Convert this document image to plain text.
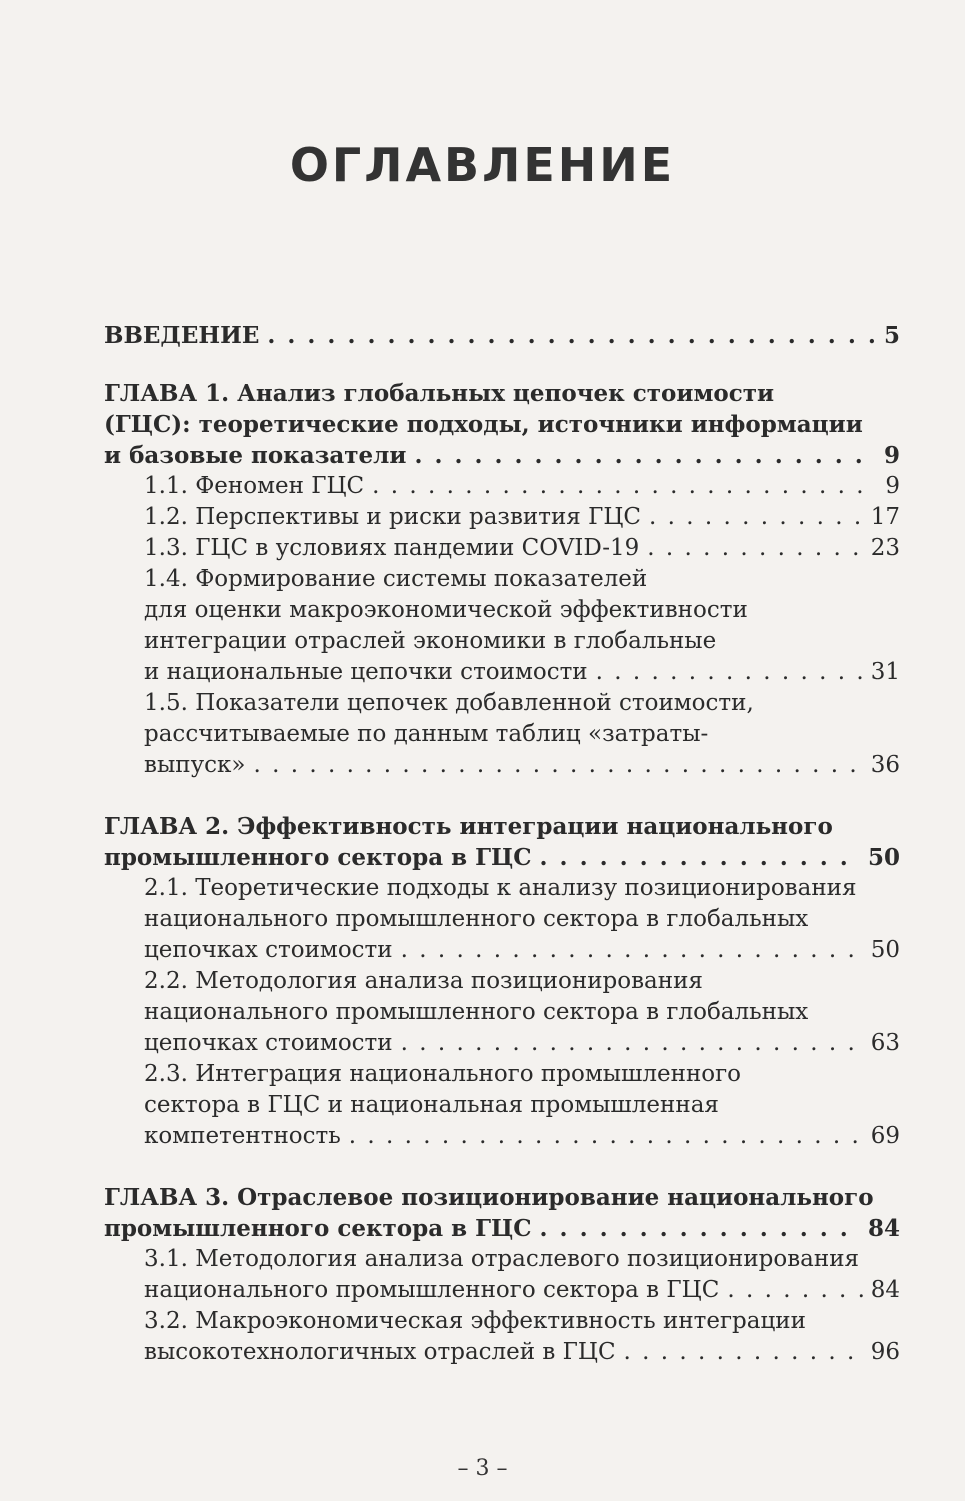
ОГЛАВЛЕНИЕ
ВВЕДЕНИЕ . . .	5
ГЛАВА 1. Анализ глобальных цепочек стоимости
(ГЦС): теоретические подходы, источники информации
и базовые показатели . . .	9
1.1. Феномен ГЦС . . .	9
1.2. Перспективы и риски развития ГЦС . . .	17
1.3. ГЦС в условиях пандемии COVID-19 . . .	23
1.4. Формирование системы показателей
для оценки макроэкономической эффективности
интеграции отраслей экономики в глобальные
и национальные цепочки стоимости . . .	31
1.5. Показатели цепочек добавленной стоимости,
рассчитываемые по данным таблиц «затраты-
выпуск» . . .	36
ГЛАВА 2. Эффективность интеграции национального
промышленного сектора в ГЦС . . .	50
2.1. Теоретические подходы к анализу позиционирования
национального промышленного сектора в глобальных
цепочках стоимости . . .	50
2.2. Методология анализа позиционирования
национального промышленного сектора в глобальных
цепочках стоимости . . .	63
2.3. Интеграция национального промышленного
сектора в ГЦС и национальная промышленная
компетентность . . .	69
ГЛАВА 3. Отраслевое позиционирование национального
промышленного сектора в ГЦС . . .	84
3.1. Методология анализа отраслевого позиционирования
национального промышленного сектора в ГЦС . . .	84
3.2. Макроэкономическая эффективность интеграции
высокотехнологичных отраслей в ГЦС . . .	96
– 3 –
